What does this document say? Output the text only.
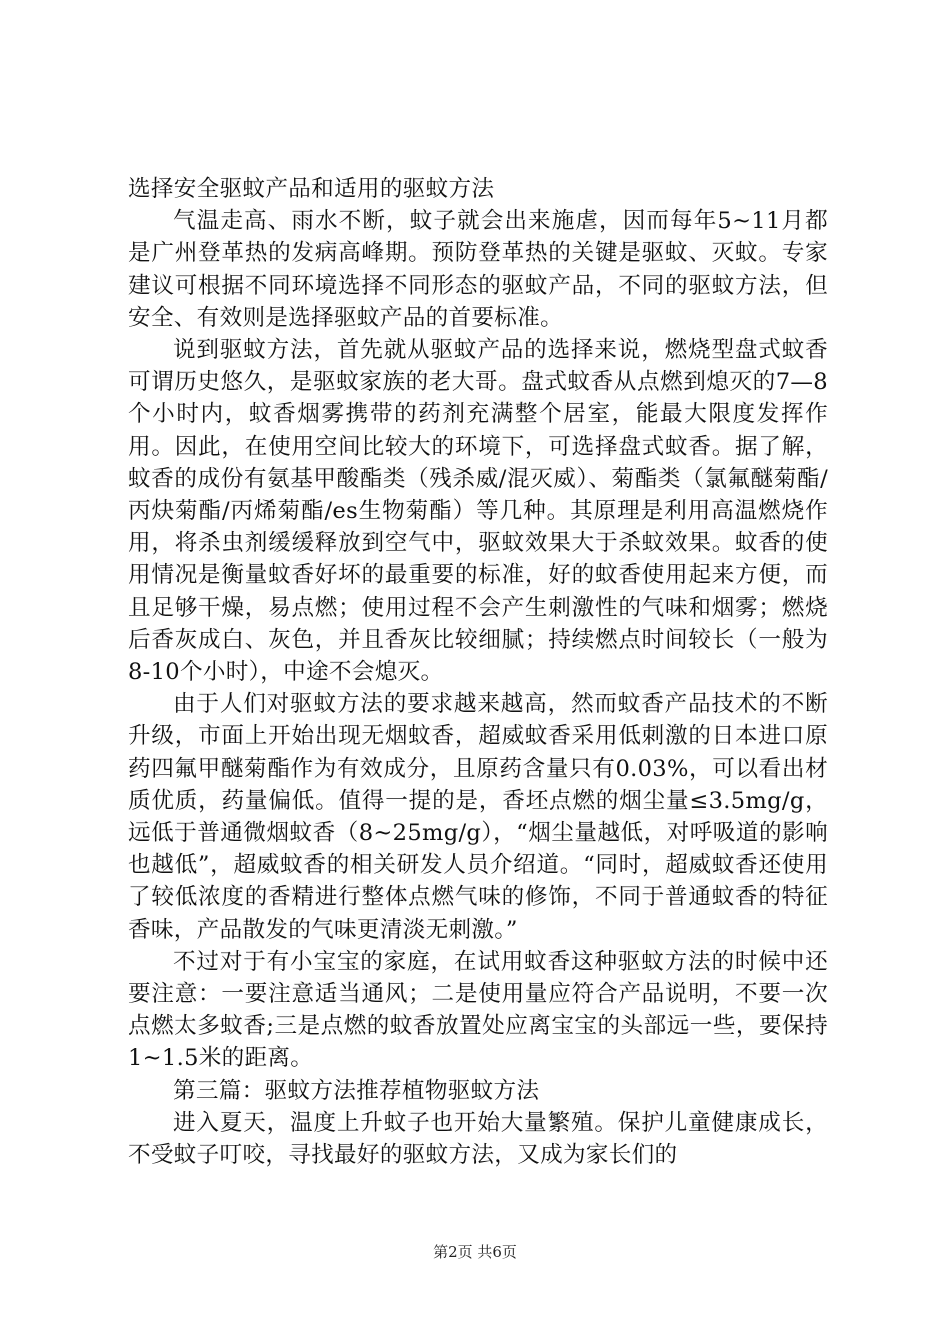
选择安全驱蚊产品和适用的驱蚊方法

气温走高、雨水不断，蚊子就会出来施虐，因而每年5~11月都是广州登革热的发病高峰期。预防登革热的关键是驱蚊、灭蚊。专家建议可根据不同环境选择不同形态的驱蚊产品，不同的驱蚊方法，但安全、有效则是选择驱蚊产品的首要标准。

说到驱蚊方法，首先就从驱蚊产品的选择来说，燃烧型盘式蚊香可谓历史悠久，是驱蚊家族的老大哥。盘式蚊香从点燃到熄灭的7—8个小时内，蚊香烟雾携带的药剂充满整个居室，能最大限度发挥作用。因此，在使用空间比较大的环境下，可选择盘式蚊香。据了解，蚊香的成份有氨基甲酸酯类（残杀威/混灭威）、菊酯类（氯氟醚菊酯/丙炔菊酯/丙烯菊酯/es生物菊酯）等几种。其原理是利用高温燃烧作用，将杀虫剂缓缓释放到空气中，驱蚊效果大于杀蚊效果。蚊香的使用情况是衡量蚊香好坏的最重要的标准，好的蚊香使用起来方便，而且足够干燥，易点燃；使用过程不会产生刺激性的气味和烟雾；燃烧后香灰成白、灰色，并且香灰比较细腻；持续燃点时间较长（一般为8-10个小时），中途不会熄灭。

由于人们对驱蚊方法的要求越来越高，然而蚊香产品技术的不断升级，市面上开始出现无烟蚊香，超威蚊香采用低刺激的日本进口原药四氟甲醚菊酯作为有效成分，且原药含量只有0.03%，可以看出材质优质，药量偏低。值得一提的是，香坯点燃的烟尘量≤3.5mg/g，远低于普通微烟蚊香（8~25mg/g），“烟尘量越低，对呼吸道的影响也越低”，超威蚊香的相关研发人员介绍道。“同时，超威蚊香还使用了较低浓度的香精进行整体点燃气味的修饰，不同于普通蚊香的特征香味，产品散发的气味更清淡无刺激。”

不过对于有小宝宝的家庭，在试用蚊香这种驱蚊方法的时候中还要注意：一要注意适当通风；二是使用量应符合产品说明，不要一次点燃太多蚊香;三是点燃的蚊香放置处应离宝宝的头部远一些，要保持1~1.5米的距离。

第三篇：驱蚊方法推荐植物驱蚊方法

进入夏天，温度上升蚊子也开始大量繁殖。保护儿童健康成长，不受蚊子叮咬，寻找最好的驱蚊方法，又成为家长们的

第2页 共6页
